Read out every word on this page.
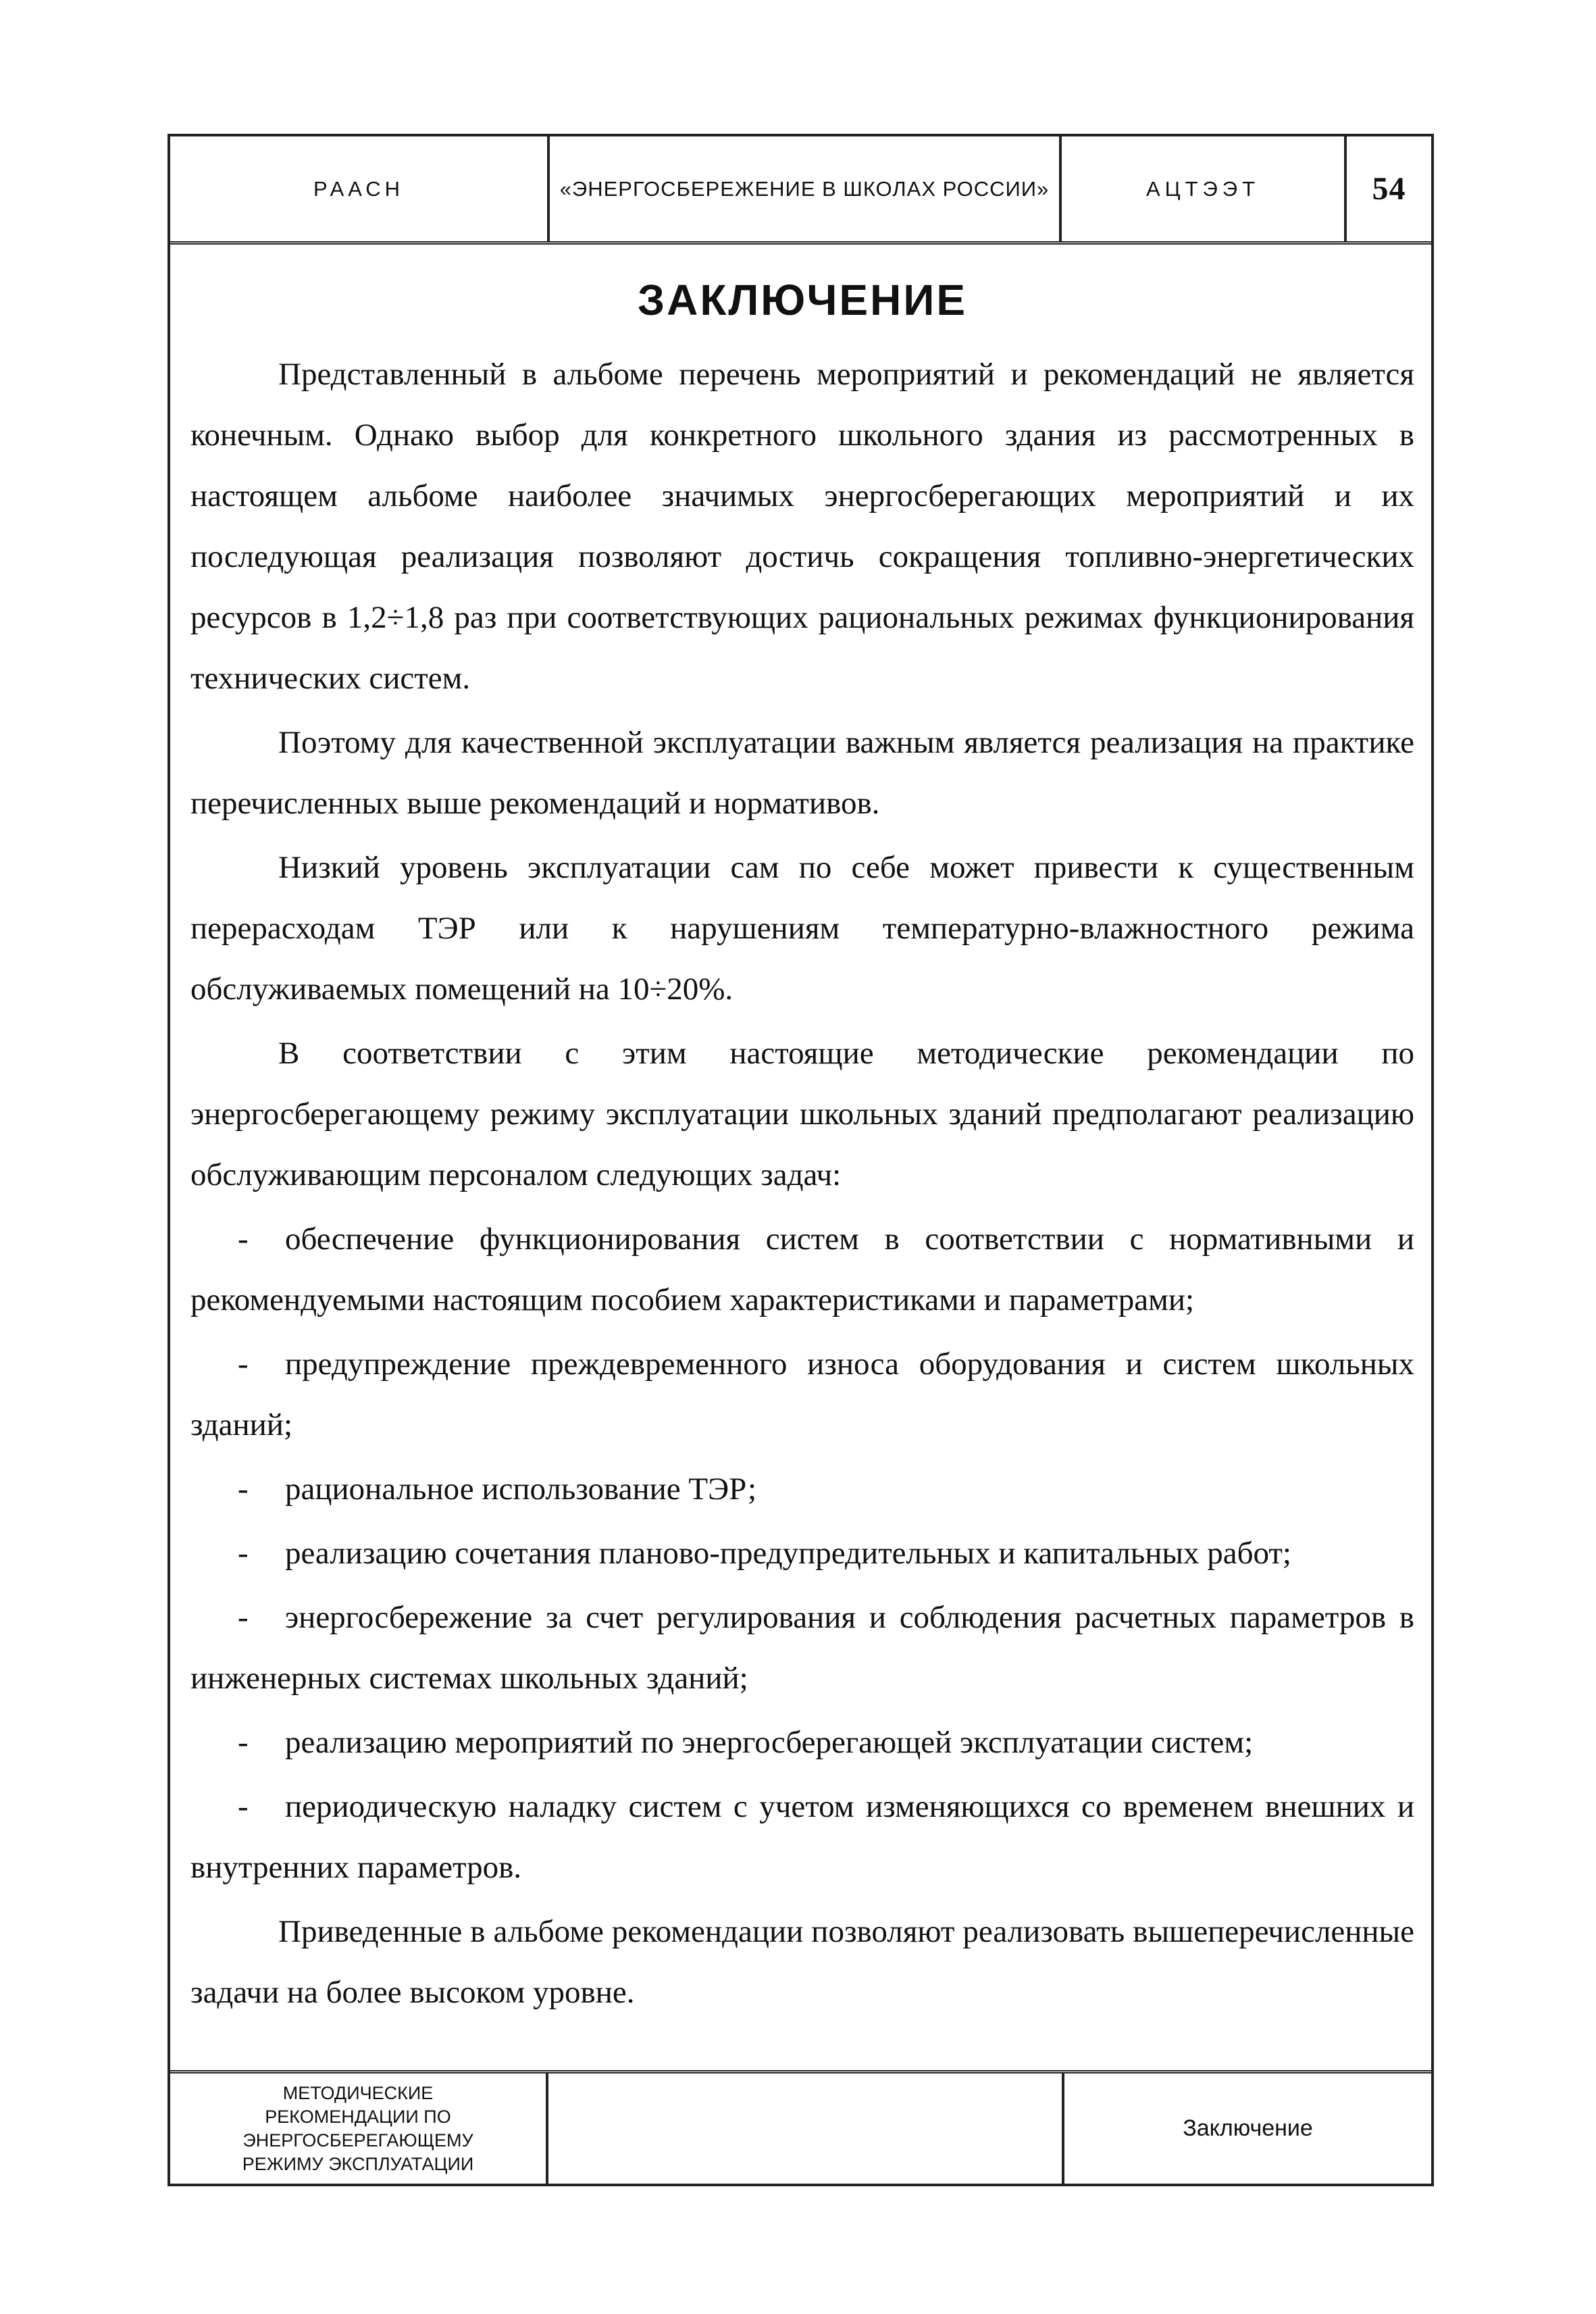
РААСН	«ЭНЕРГОСБЕРЕЖЕНИЕ В ШКОЛАХ РОССИИ»	АЦТЭЭТ	54
ЗАКЛЮЧЕНИЕ

Представленный в альбоме перечень мероприятий и рекомендаций не является конечным. Однако выбор для конкретного школьного здания из рассмотренных в настоящем альбоме наиболее значимых энергосберегающих мероприятий и их последующая реализация позволяют достичь сокращения топливно-энергетических ресурсов в 1,2÷1,8 раз при соответствующих рациональных режимах функционирования технических систем.

Поэтому для качественной эксплуатации важным является реализация на практике перечисленных выше рекомендаций и нормативов.

Низкий уровень эксплуатации сам по себе может привести к существенным перерасходам ТЭР или к нарушениям температурно-влажностного режима обслуживаемых помещений на 10÷20%.

В соответствии с этим настоящие методические рекомендации по энергосберегающему режиму эксплуатации школьных зданий предполагают реализацию обслуживающим персоналом следующих задач:

- обеспечение функционирования систем в соответствии с нормативными и рекомендуемыми настоящим пособием характеристиками и параметрами;

- предупреждение преждевременного износа оборудования и систем школьных зданий;

- рациональное использование ТЭР;

- реализацию сочетания планово-предупредительных и капитальных работ;

- энергосбережение за счет регулирования и соблюдения расчетных параметров в инженерных системах школьных зданий;

- реализацию мероприятий по энергосберегающей эксплуатации систем;

- периодическую наладку систем с учетом изменяющихся со временем внешних и внутренних параметров.

Приведенные в альбоме рекомендации позволяют реализовать вышеперечисленные задачи на более высоком уровне.

МЕТОДИЧЕСКИЕ
РЕКОМЕНДАЦИИ ПО
ЭНЕРГОСБЕРЕГАЮЩЕМУ
РЕЖИМУ ЭКСПЛУАТАЦИИ
Заключение
